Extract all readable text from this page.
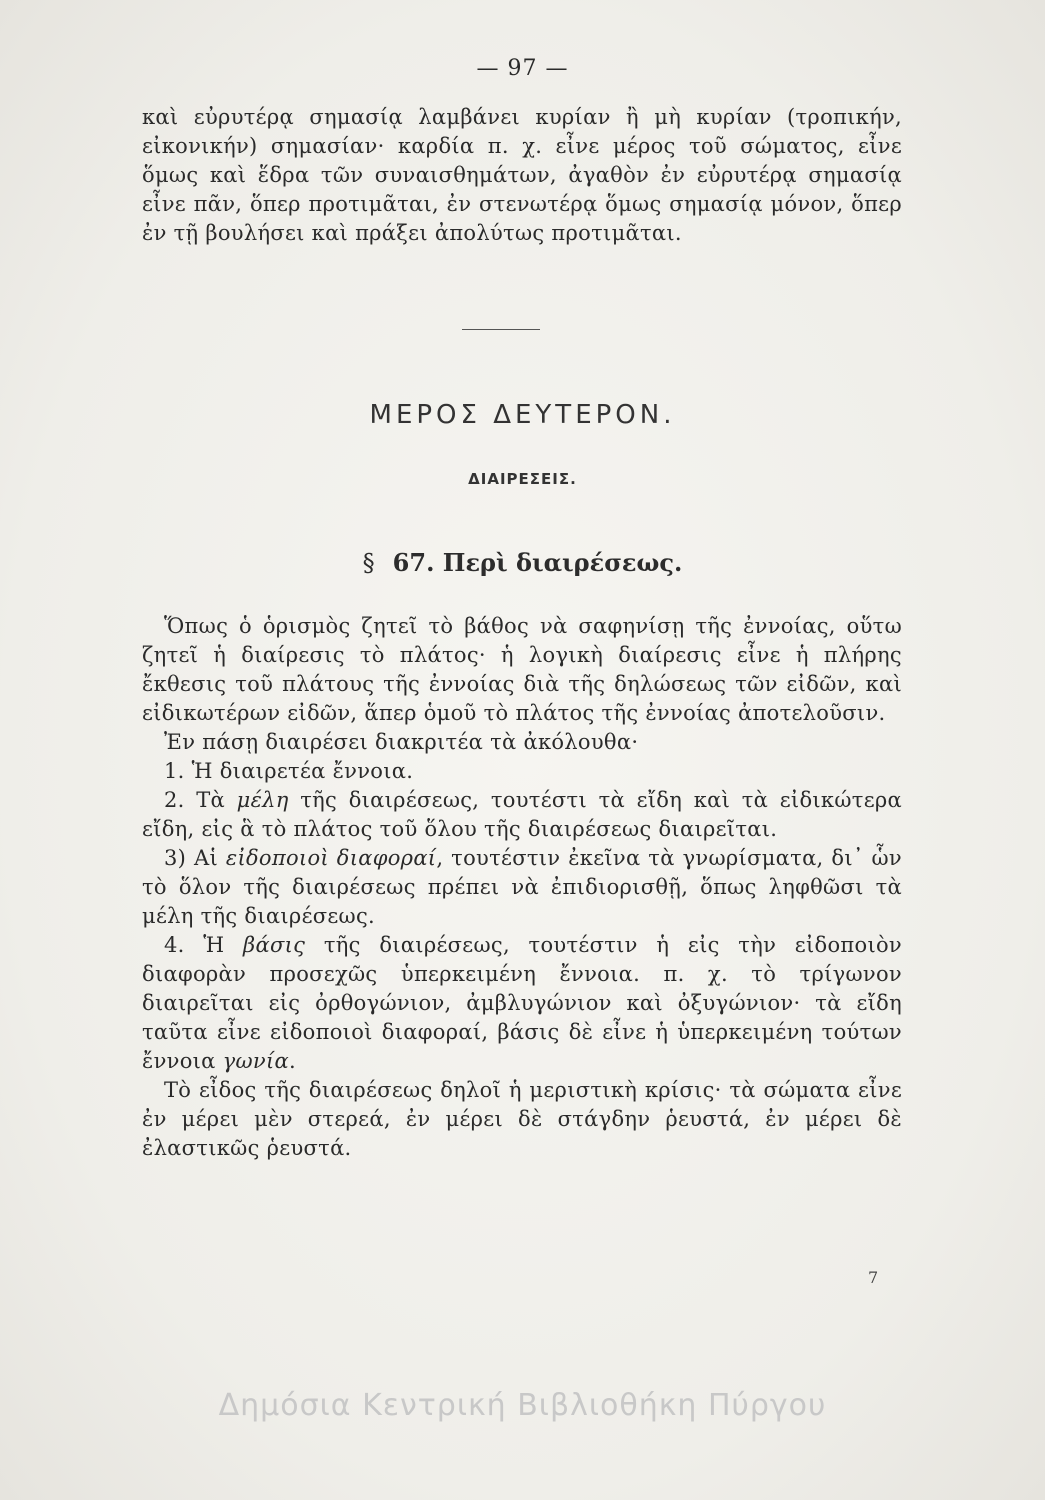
— 97 —

καὶ εὐρυτέρᾳ σημασίᾳ λαμβάνει κυρίαν ἢ μὴ κυρίαν (τροπικήν, εἰκονικήν) σημασίαν· καρδία π. χ. εἶνε μέρος τοῦ σώματος, εἶνε ὅμως καὶ ἕδρα τῶν συναισθημάτων, ἀγαθὸν ἐν εὐρυτέρᾳ σημασίᾳ εἶνε πᾶν, ὅπερ προτιμᾶται, ἐν στενωτέρᾳ ὅμως σημασίᾳ μόνον, ὅπερ ἐν τῇ βουλήσει καὶ πράξει ἀπολύτως προτιμᾶται.

ΜΕΡΟΣ ΔΕΥΤΕΡΟΝ.
ΔΙΑΙΡΕΣΕΙΣ.
§ 67. Περὶ διαιρέσεως.

Ὅπως ὁ ὁρισμὸς ζητεῖ τὸ βάθος νὰ σαφηνίσῃ τῆς ἐννοίας, οὕτω ζητεῖ ἡ διαίρεσις τὸ πλάτος· ἡ λογικὴ διαίρεσις εἶνε ἡ πλήρης ἔκθεσις τοῦ πλάτους τῆς ἐννοίας διὰ τῆς δηλώσεως τῶν εἰδῶν, καὶ εἰδικωτέρων εἰδῶν, ἅπερ ὁμοῦ τὸ πλάτος τῆς ἐννοίας ἀποτελοῦσιν.

Ἐν πάσῃ διαιρέσει διακριτέα τὰ ἀκόλουθα·

1. Ἡ διαιρετέα ἔννοια.

2. Τὰ μέλη τῆς διαιρέσεως, τουτέστι τὰ εἴδη καὶ τὰ εἰδικώτερα εἴδη, εἰς ἃ τὸ πλάτος τοῦ ὅλου τῆς διαιρέσεως διαιρεῖται.

3) Αἱ εἰδοποιοὶ διαφοραί, τουτέστιν ἐκεῖνα τὰ γνωρίσματα, δι᾽ ὧν τὸ ὅλον τῆς διαιρέσεως πρέπει νὰ ἐπιδιορισθῇ, ὅπως ληφθῶσι τὰ μέλη τῆς διαιρέσεως.

4. Ἡ βάσις τῆς διαιρέσεως, τουτέστιν ἡ εἰς τὴν εἰδοποιὸν διαφορὰν προσεχῶς ὑπερκειμένη ἔννοια. π. χ. τὸ τρίγωνον διαιρεῖται εἰς ὀρθογώνιον, ἀμβλυγώνιον καὶ ὀξυγώνιον· τὰ εἴδη ταῦτα εἶνε εἰδοποιοὶ διαφοραί, βάσις δὲ εἶνε ἡ ὑπερκειμένη τούτων ἔννοια γωνία.

Τὸ εἶδος τῆς διαιρέσεως δηλοῖ ἡ μεριστικὴ κρίσις· τὰ σώματα εἶνε ἐν μέρει μὲν στερεά, ἐν μέρει δὲ στάγδην ῥευστά, ἐν μέρει δὲ ἐλαστικῶς ῥευστά.

7
Δημόσια Κεντρική Βιβλιοθήκη Πύργου
